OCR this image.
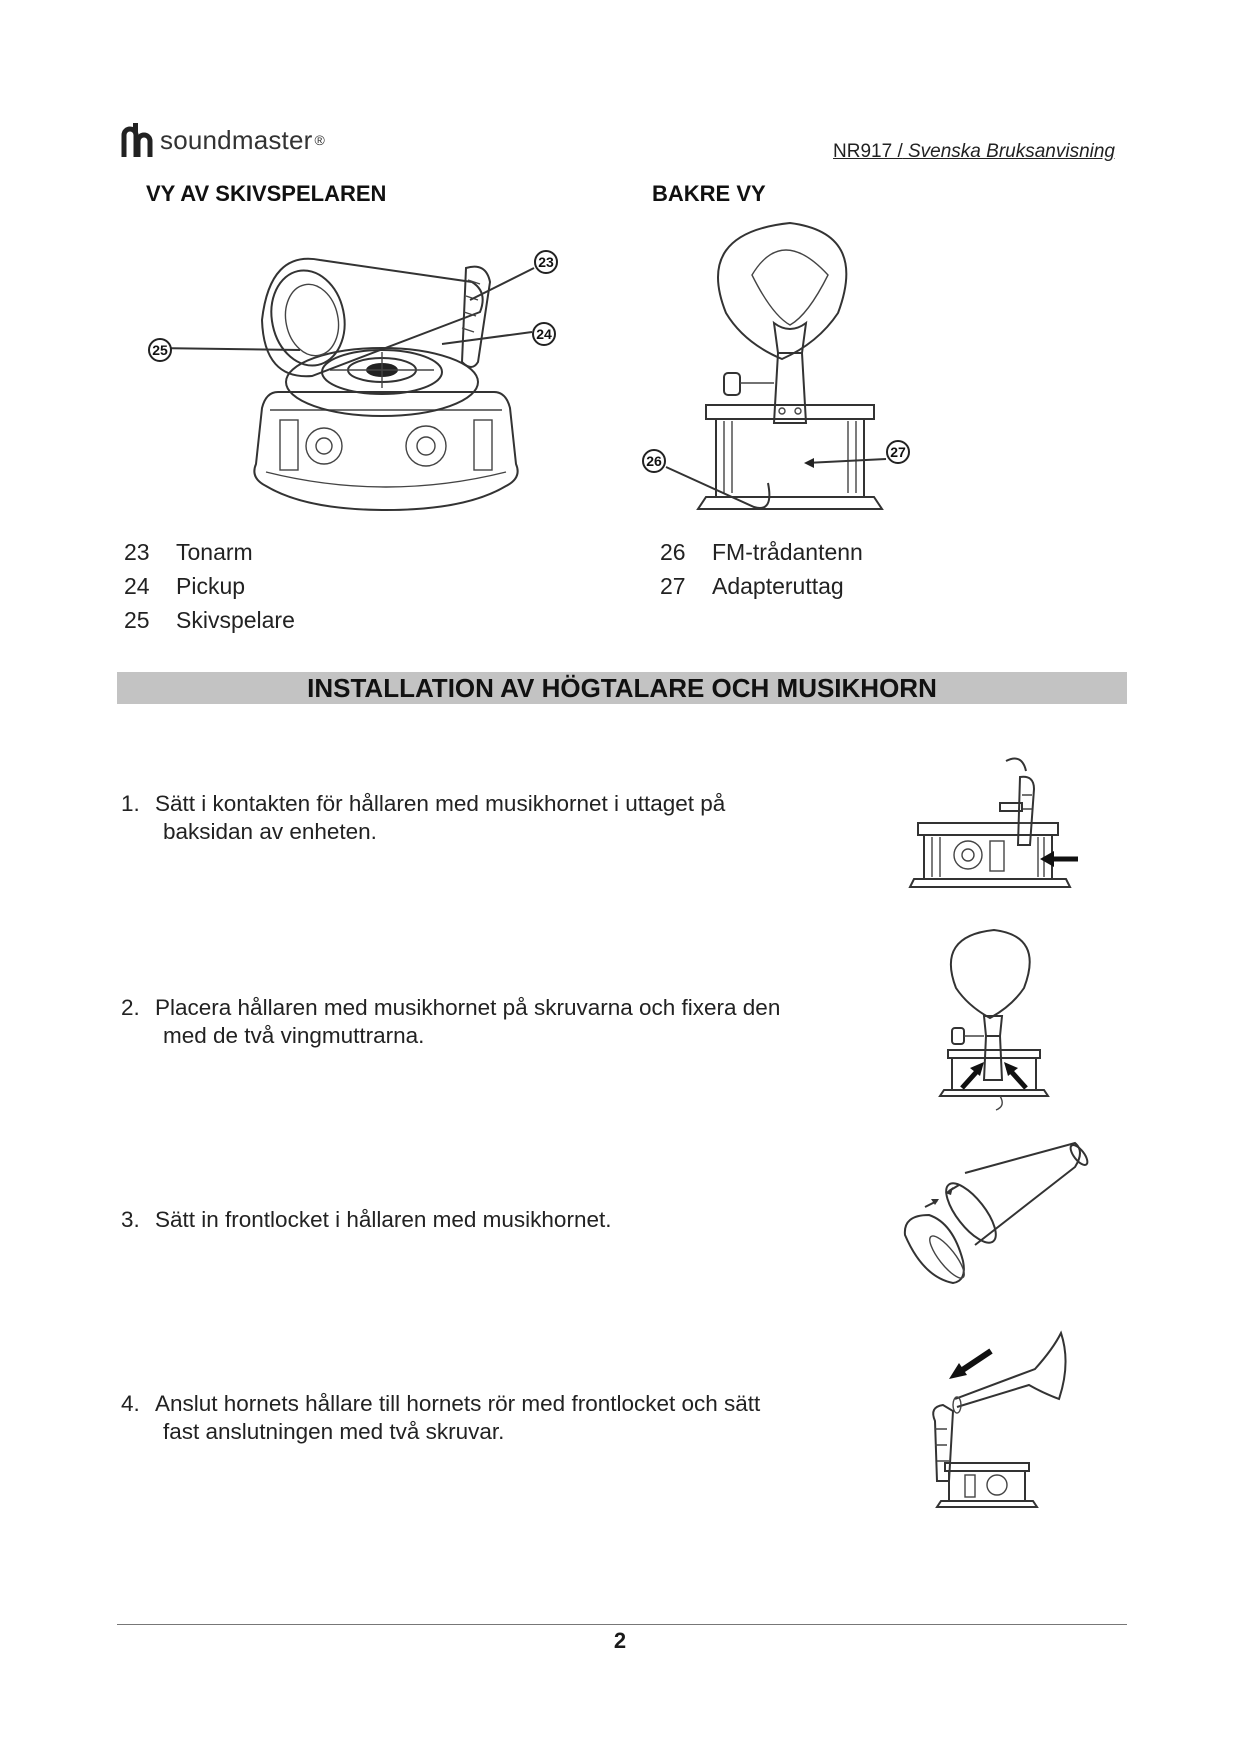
soundmaster ®
NR917 / Svenska Bruksanvisning
VY AV SKIVSPELAREN	BAKRE VY
23
24
25
26
27
23	Tonarm
24	Pickup
25	Skivspelare
26	FM-trådantenn
27	Adapteruttag
INSTALLATION AV HÖGTALARE OCH MUSIKHORN
1. Sätt i kontakten för hållaren med musikhornet i uttaget på
baksidan av enheten.
2. Placera hållaren med musikhornet på skruvarna och fixera den
med de två vingmuttrarna.
3. Sätt in frontlocket i hållaren med musikhornet.
4. Anslut hornets hållare till hornets rör med frontlocket och sätt
fast anslutningen med två skruvar.
2
